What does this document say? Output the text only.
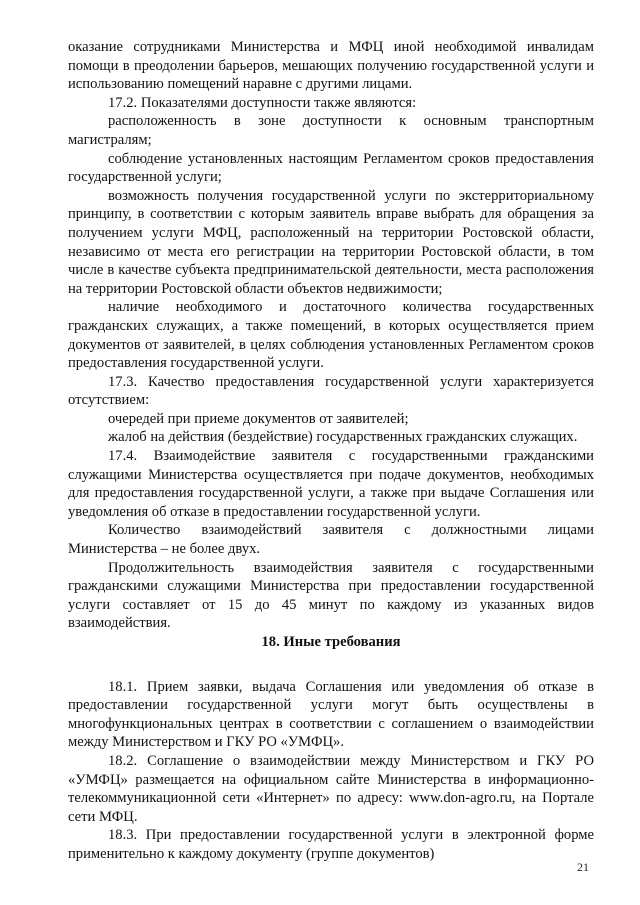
оказание сотрудниками Министерства и МФЦ иной необходимой инвалидам помощи в преодолении барьеров, мешающих получению государственной услуги и использованию помещений наравне с другими лицами.

17.2. Показателями доступности также являются:

расположенность в зоне доступности к основным транспортным магистралям;

соблюдение установленных настоящим Регламентом сроков предоставления государственной услуги;

возможность получения государственной услуги по экстерриториальному принципу, в соответствии с которым заявитель вправе выбрать для обращения за получением услуги МФЦ, расположенный на территории Ростовской области, независимо от места его регистрации на территории Ростовской области, в том числе в качестве субъекта предпринимательской деятельности, места расположения на территории Ростовской области объектов недвижимости;

наличие необходимого и достаточного количества государственных гражданских служащих, а также помещений, в которых осуществляется прием документов от заявителей, в целях соблюдения установленных Регламентом сроков предоставления государственной услуги.

17.3. Качество предоставления государственной услуги характеризуется отсутствием:

очередей при приеме документов от заявителей;

жалоб на действия (бездействие) государственных гражданских служащих.

17.4. Взаимодействие заявителя с государственными гражданскими служащими Министерства осуществляется при подаче документов, необходимых для предоставления государственной услуги, а также при выдаче Соглашения или уведомления об отказе в предоставлении государственной услуги.

Количество взаимодействий заявителя с должностными лицами Министерства – не более двух.

Продолжительность взаимодействия заявителя с государственными гражданскими служащими Министерства при предоставлении государственной услуги составляет от 15 до 45 минут по каждому из указанных видов взаимодействия.

18. Иные требования

18.1. Прием заявки, выдача Соглашения или уведомления об отказе в предоставлении государственной услуги могут быть осуществлены в многофункциональных центрах в соответствии с соглашением о взаимодействии между Министерством и ГКУ РО «УМФЦ».

18.2. Соглашение о взаимодействии между Министерством и ГКУ РО «УМФЦ» размещается на официальном сайте Министерства в информационно-телекоммуникационной сети «Интернет» по адресу: www.don-agro.ru, на Портале сети МФЦ.

18.3. При предоставлении государственной услуги в электронной форме применительно к каждому документу (группе документов)

21
